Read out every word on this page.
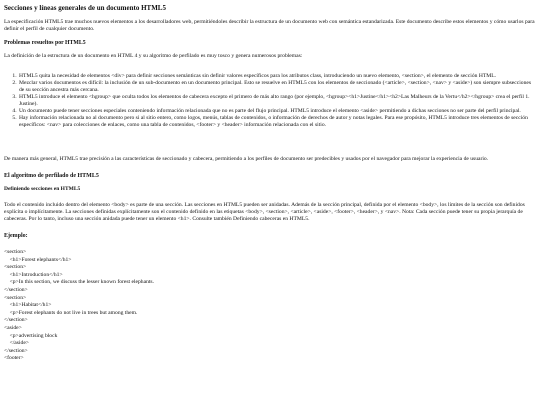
Secciones y líneas generales de un documento HTML5

La especificación HTML5 trae muchos nuevos elementos a los desarrolladores web, permitiéndoles describir la estructura de un documento web con semántica estandarizada. Este documento describe estos elementos y cómo usarlos para definir el perfil de cualquier documento.

Problemas resueltos por HTML5

La definición de la estructura de un documento en HTML 4 y su algoritmo de perfilado es muy tosco y genera numerosos problemas:

1. HTML5 quita la necesidad de elementos <div> para definir secciones semánticas sin definir valores específicos para los atributos class, introduciendo un nuevo elemento, <section>, el elemento de sección HTML.
2. Mezclar varios documentos es difícil: la inclusión de un sub-documento en un documento principal. Esto se resuelve en HTML5 con los elementos de seccionado (<article>, <section>, <nav> y <aside>) son siempre subsecciones de su sección ancestra más cercana.
3. HTML5 introduce el elemento <hgroup> que oculta todos los elementos de cabecera excepto el primero de más alto rango (por ejemplo, <hgroup><h1>Justine</h1><h2>Las Malheurs de la Vertu</h2></hgroup> crea el perfil 1. Justine).
4. Un documento puede tener secciones especiales conteniendo información relacionada que no es parte del flujo principal. HTML5 introduce el elemento <aside> permitiendo a dichas secciones no ser parte del perfil principal.
5. Hay información relacionada no al documento pero si al sitio entero, como logos, menús, tablas de contenidos, o información de derechos de autor y notas legales. Para ese propósito, HTML5 introduce tres elementos de sección específicos: <nav> para colecciones de enlaces, como una tabla de contenidos, <footer> y <header> información relacionada con el sitio.

De manera más general, HTML5 trae precisión a las características de seccionado y cabecera, permitiendo a los perfiles de documento ser predecibles y usados por el navegador para mejorar la experiencia de usuario.

El algoritmo de perfilado de HTML5
Definiendo secciones en HTML5

Todo el contenido incluido dentro del elemento <body> es parte de una sección. Las secciones en HTML5 pueden ser anidadas. Además de la sección principal, definida por el elemento <body>, los límites de la sección son definidos explícita o implícitamente. La secciones definidas explícitamente son el contenido definido en las etiquetas <body>, <section>, <article>, <aside>, <footer>, <header>, y <nav>. Nota: Cada sección puede tener su propia jerarquía de cabeceras. Por lo tanto, incluso una sección anidada puede tener un elemento <h1>. Consulte también Definiendo cabeceras en HTML5.

Ejemplo:
<section>
<h1>Forest elephants</h1>
<section>
<h1>Introduction</h1>
<p>In this section, we discuss the lesser known forest elephants.
</section>
<section>
<h1>Habitat</h1>
<p>Forest elephants do not live in trees but among them.
</section>
<aside>
<p>advertising block
</aside>
</section>
<footer>
